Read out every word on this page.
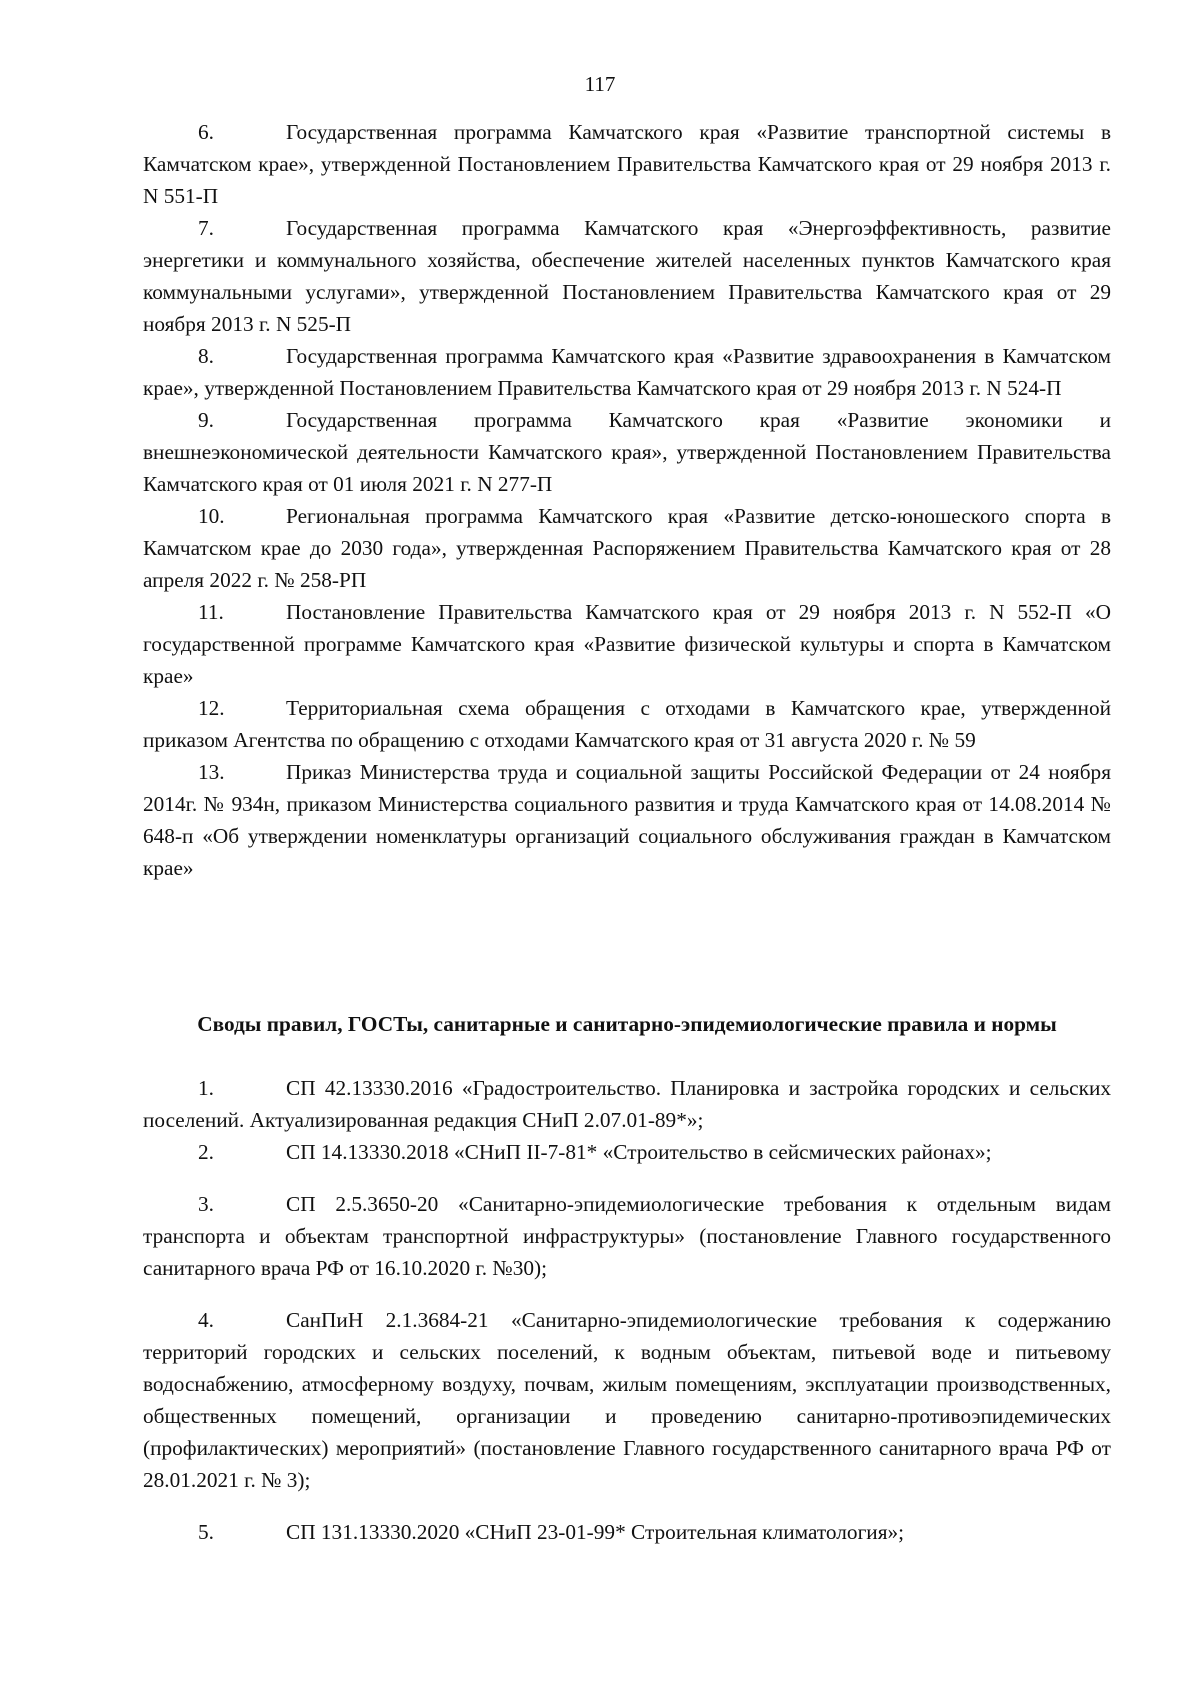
117

6.	Государственная программа Камчатского края «Развитие транспортной системы в Камчатском крае», утвержденной Постановлением Правительства Камчатского края от 29 ноября 2013 г. N 551-П

7.	Государственная программа Камчатского края «Энергоэффективность, развитие энергетики и коммунального хозяйства, обеспечение жителей населенных пунктов Камчатского края коммунальными услугами», утвержденной Постановлением Правительства Камчатского края от 29 ноября 2013 г. N 525-П

8.	Государственная программа Камчатского края «Развитие здравоохранения в Камчатском крае», утвержденной Постановлением Правительства Камчатского края от 29 ноября 2013 г. N 524-П

9.	Государственная программа Камчатского края «Развитие экономики и внешнеэкономической деятельности Камчатского края», утвержденной Постановлением Правительства Камчатского края от 01 июля 2021 г. N 277-П

10.	Региональная программа Камчатского края «Развитие детско-юношеского спорта в Камчатском крае до 2030 года», утвержденная Распоряжением Правительства Камчатского края от 28 апреля 2022 г. № 258-РП

11.	Постановление Правительства Камчатского края от 29 ноября 2013 г. N 552-П «О государственной программе Камчатского края «Развитие физической культуры и спорта в Камчатском крае»

12.	Территориальная схема обращения с отходами в Камчатского крае, утвержденной приказом Агентства по обращению с отходами Камчатского края от 31 августа 2020 г. № 59

13.	Приказ Министерства труда и социальной защиты Российской Федерации от 24 ноября 2014г. № 934н, приказом Министерства социального развития и труда Камчатского края от 14.08.2014 № 648-п «Об утверждении номенклатуры организаций социального обслуживания граждан в Камчатском крае»

Своды правил, ГОСТы, санитарные и санитарно-эпидемиологические правила и нормы

1.	СП 42.13330.2016 «Градостроительство. Планировка и застройка городских и сельских поселений. Актуализированная редакция СНиП 2.07.01-89*»;

2.	СП 14.13330.2018 «СНиП II-7-81* «Строительство в сейсмических районах»;

3.	СП 2.5.3650-20 «Санитарно-эпидемиологические требования к отдельным видам транспорта и объектам транспортной инфраструктуры» (постановление Главного государственного санитарного врача РФ от 16.10.2020 г. №30);

4.	СанПиН 2.1.3684-21 «Санитарно-эпидемиологические требования к содержанию территорий городских и сельских поселений, к водным объектам, питьевой воде и питьевому водоснабжению, атмосферному воздуху, почвам, жилым помещениям, эксплуатации производственных, общественных помещений, организации и проведению санитарно-противоэпидемических (профилактических) мероприятий» (постановление Главного государственного санитарного врача РФ от 28.01.2021 г. № 3);

5.	СП 131.13330.2020 «СНиП 23-01-99* Строительная климатология»;
